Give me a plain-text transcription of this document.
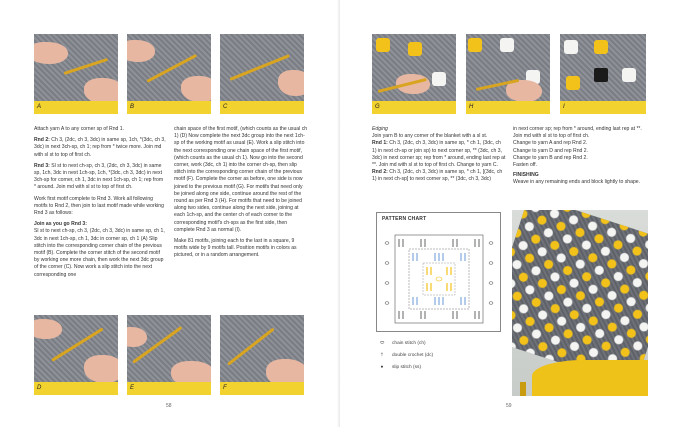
A	B	C

Attach yarn A to any corner sp of Rnd 1.

Rnd 2: Ch 3, (2dc, ch 3, 3dc) in same sp, 1ch, *(3dc, ch 3, 3dc) in next 3ch-sp, ch 1; rep from * twice more. Join md with sl st to top of first ch.

Rnd 3: Sl st to next ch-sp, ch 3, (2dc, ch 3, 3dc) in same sp, 1ch, 3dc in next 1ch-sp, 1ch, *(3dc, ch 3, 3dc) in next 3ch-sp for corner, ch 1, 3dc in next 1ch-sp, ch 1; rep from * around. Join md with sl st to top of first ch.

Work first motif complete to Rnd 3. Work all following motifs to Rnd 2, then join to last motif made while working Rnd 3 as follows:

Join as you go Rnd 3:
Sl st to next ch-sp, ch 3, (2dc, ch 3, 3dc) in same sp, ch 1, 3dc in next 1ch-sp, ch 1, 3dc in corner sp, ch 1 (A) Slip stitch into the corresponding corner chain of the previous motif (B). Complete the corner stitch of the second motif by working one more chain, then work the next 3dc group of the corner (C). Now work a slip stitch into the next corresponding one

chain space of the first motif, (which counts as the usual ch 1) (D) Now complete the next 3dc group into the next 1ch-sp of the working motif as usual (E). Work a slip stitch into the next corresponding one chain space of the first motif, (which counts as the usual ch 1). Now go into the second corner, work (3dc, ch 1) into the corner ch-sp, then slip stitch into the corresponding corner chain of the previous motif (F). Complete the corner as before, one side is now joined to the previous motif (G). For motifs that need only be joined along one side, continue around the rest of the round as per Rnd 3 (H). For motifs that need to be joined along two sides, continue along the next side, joining at each 1ch-sp, and the center ch of each corner to the corresponding motif's ch-sps as the first side, then complete Rnd 3 as normal (I).

Make 81 motifs, joining each to the last in a square, 9 motifs wide by 9 motifs tall. Position motifs in colors as pictured, or in a random arrangement.

D	E	F
58
G	H	I

Edging

Join yarn B to any corner of the blanket with a sl st.

Rnd 1: Ch 3, (2dc, ch 3, 3dc) in same sp, * ch 1, (3dc, ch 1) in next ch-sp or join sp) to next corner sp, ** (3dc, ch 3, 3dc) in next corner sp; rep from * around, ending last rep at **. Join md with sl st to top of first ch. Change to yarn C.

Rnd 2: Ch 3, (2dc, ch 3, 3dc) in same sp, * ch 1, [(3dc, ch 1) in next ch-sp] to next corner sp, ** (3dc, ch 3, 3dc)

in next corner sp; rep from * around, ending last rep at **. Join md with sl st to top of first ch.

Change to yarn A and rep Rnd 2.
Change to yarn D and rep Rnd 2.
Change to yarn B and rep Rnd 2.
Fasten off.
FINISHING
Weave in any remaining ends and block lightly to shape.
PATTERN CHART
⬭ chain stitch (ch)
† double crochet (dc)
● slip stitch (ss)
59
